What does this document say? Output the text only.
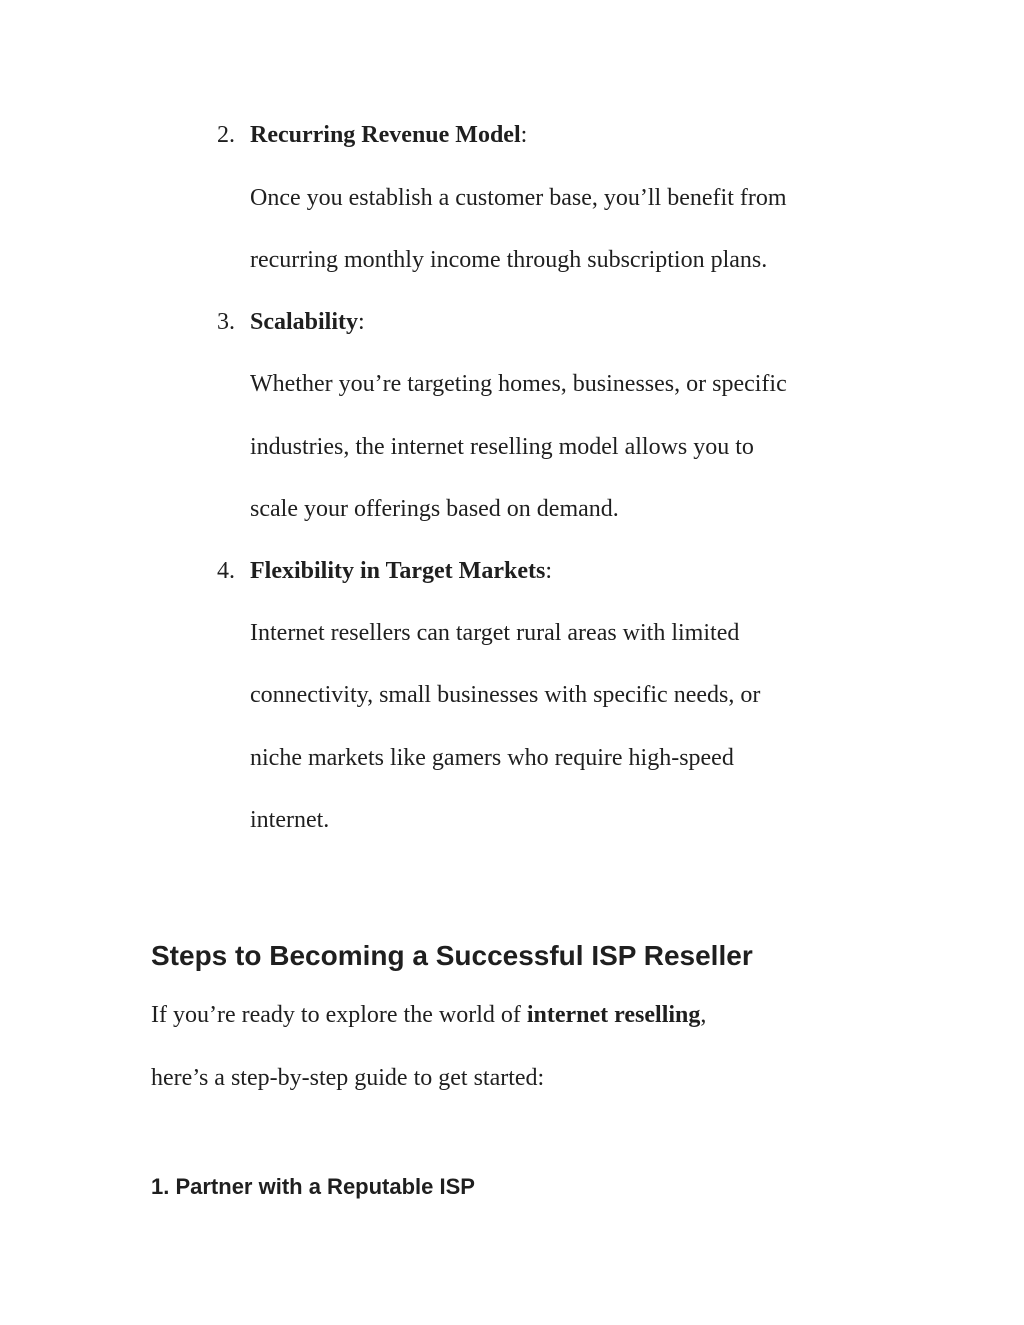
2. Recurring Revenue Model:
Once you establish a customer base, you’ll benefit from
recurring monthly income through subscription plans.
3. Scalability:
Whether you’re targeting homes, businesses, or specific
industries, the internet reselling model allows you to
scale your offerings based on demand.
4. Flexibility in Target Markets:
Internet resellers can target rural areas with limited
connectivity, small businesses with specific needs, or
niche markets like gamers who require high-speed
internet.
Steps to Becoming a Successful ISP Reseller
If you’re ready to explore the world of internet reselling,
here’s a step-by-step guide to get started:
1. Partner with a Reputable ISP
